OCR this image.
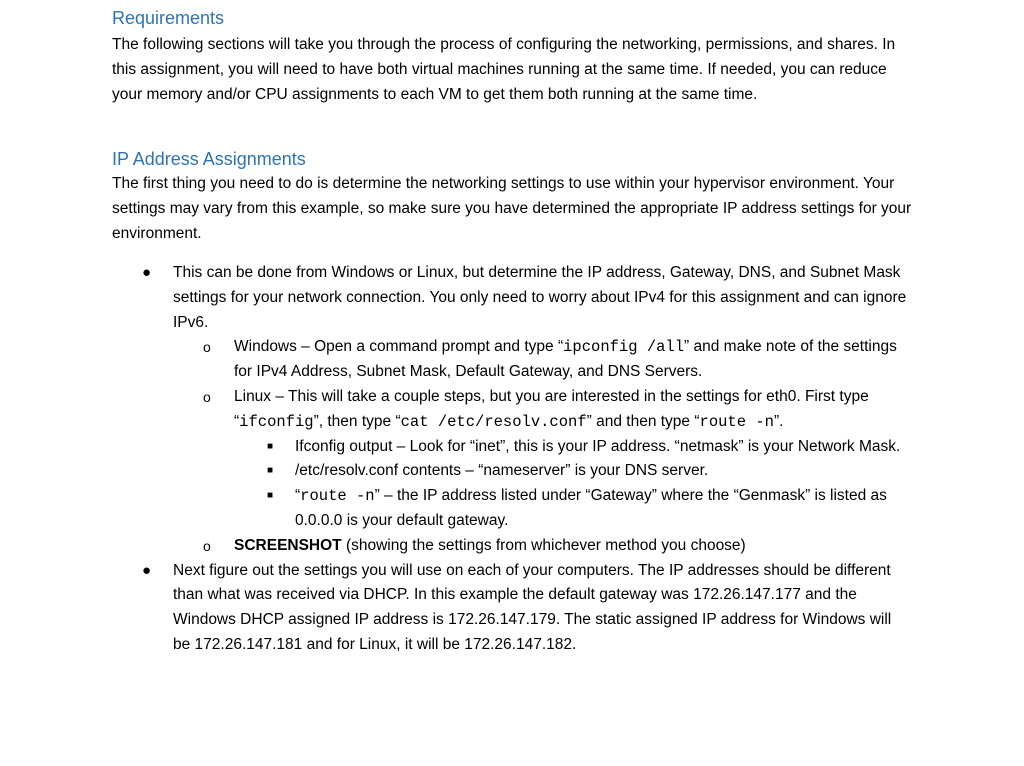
Requirements

The following sections will take you through the process of configuring the networking, permissions, and shares. In this assignment, you will need to have both virtual machines running at the same time. If needed, you can reduce your memory and/or CPU assignments to each VM to get them both running at the same time.

IP Address Assignments

The first thing you need to do is determine the networking settings to use within your hypervisor environment. Your settings may vary from this example, so make sure you have determined the appropriate IP address settings for your environment.

● This can be done from Windows or Linux, but determine the IP address, Gateway, DNS, and Subnet Mask settings for your network connection. You only need to worry about IPv4 for this assignment and can ignore IPv6.
o Windows – Open a command prompt and type “ipconfig /all” and make note of the settings for IPv4 Address, Subnet Mask, Default Gateway, and DNS Servers.
o Linux – This will take a couple steps, but you are interested in the settings for eth0. First type “ifconfig”, then type “cat /etc/resolv.conf” and then type “route -n”.
■ Ifconfig output – Look for “inet”, this is your IP address. “netmask” is your Network Mask.
■ /etc/resolv.conf contents – “nameserver” is your DNS server.
■ “route -n” – the IP address listed under “Gateway” where the “Genmask” is listed as 0.0.0.0 is your default gateway.
o SCREENSHOT (showing the settings from whichever method you choose)
● Next figure out the settings you will use on each of your computers. The IP addresses should be different than what was received via DHCP. In this example the default gateway was 172.26.147.177 and the Windows DHCP assigned IP address is 172.26.147.179. The static assigned IP address for Windows will be 172.26.147.181 and for Linux, it will be 172.26.147.182.
